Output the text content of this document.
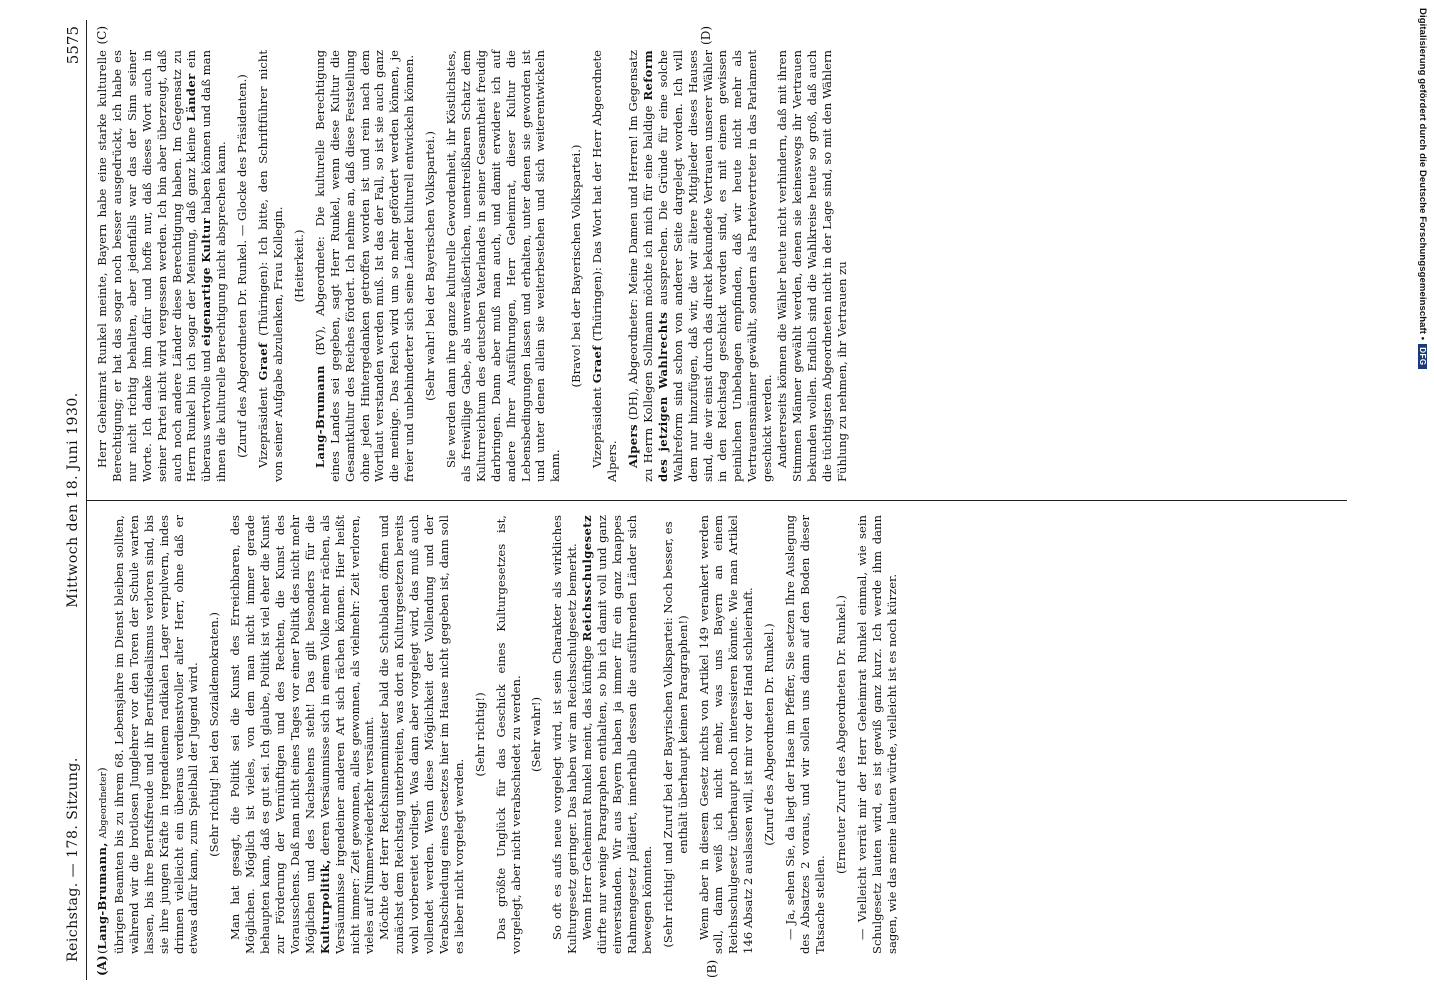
Reichstag. — 178. Sitzung.
Mittwoch den 18. Juni 1930.
5575
(A)	(B)

(Lang-Brumann, Abgeordneter) übrigen Beamten bis zu ihrem 68. Lebensjahre im Dienst bleiben sollten, während wir die brotlosen Junglehrer vor den Toren der Schule warten lassen, bis ihre Berufsfreude und ihr Berufsidealismus verloren sind, bis sie ihre jungen Kräfte in irgendeinem radikalen Lager verpulvern, indes drinnen vielleicht ein überaus verdienstvoller alter Herr, ohne daß er etwas dafür kann, zum Spielball der Jugend wird. (Sehr richtig! bei den Sozialdemokraten.) Man hat gesagt, die Politik sei die Kunst des Erreichbaren, des Möglichen. Möglich ist vieles, von dem man nicht immer gerade behaupten kann, daß es gut sei. Ich glaube, Politik ist viel eher die Kunst zur Förderung der Vernünftigen und des Rechten, die Kunst des Vorausschens. Daß man nicht eines Tages vor einer Politik des nicht mehr Möglichen und des Nachsehens steht! Das gilt besonders für die Kulturpolitik, deren Versäumnisse sich in einem Volke mehr rächen, als Versäumnisse irgendeiner anderen Art sich rächen können. Hier heißt nicht immer: Zeit gewonnen, alles gewonnen, als vielmehr: Zeit verloren, vieles auf Nimmerwiederkehr versäumt. Möchte der Herr Reichsinnenminister bald die Schubladen öffnen und zunächst dem Reichstag unterbreiten, was dort an Kulturgesetzen bereits wohl vorbereitet vorliegt. Was dann aber vorgelegt wird, das muß auch vollendet werden. Wenn diese Möglichkeit der Vollendung und der Verabschiedung eines Gesetzes hier im Hause nicht gegeben ist, dann soll es lieber nicht vorgelegt werden.

(Sehr richtig!) Das größte Unglück für das Geschick eines Kulturgesetzes ist, vorgelegt, aber nicht verabschiedet zu werden. (Sehr wahr!) So oft es aufs neue vorgelegt wird, ist sein Charakter als wirkliches Kulturgesetz geringer. Das haben wir am Reichsschulgesetz bemerkt. Wenn Herr Geheimrat Runkel meint, das künftige Reichsschulgesetz dürfte nur wenige Paragraphen enthalten, so bin ich damit voll und ganz einverstanden. Wir aus Bayern haben ja immer für ein ganz knappes Rahmengesetz plädiert, innerhalb dessen die ausführenden Länder sich bewegen könnten. (Sehr richtig! und Zuruf bei der Bayrischen Volkspartei: Noch besser, es enthält überhaupt keinen Paragraphen!) Wenn aber in diesem Gesetz nichts von Artikel 149 verankert werden soll, dann weiß ich nicht mehr, was uns Bayern an einem Reichsschulgesetz überhaupt noch interessieren könnte. Wie man Artikel 146 Absatz 2 auslassen will, ist mir vor der Hand schleierhaft. (Zuruf des Abgeordneten Dr. Runkel.) — Ja, sehen Sie, da liegt der Hase im Pfeffer, Sie setzen Ihre Auslegung des Absatzes 2 voraus, und wir sollen uns dann auf den Boden dieser Tatsache stellen.

(Erneuter Zuruf des Abgeordneten Dr. Runkel.) — Vielleicht verrät mir der Herr Geheimrat Runkel einmal, wie sein Schulgesetz lauten wird, es ist gewiß ganz kurz. Ich werde ihm dann sagen, wie das meine lauten würde, vielleicht ist es noch kürzer.

(C)	(D)

Herr Geheimrat Runkel meinte, Bayern habe eine starke kulturelle Berechtigung; er hat das sogar noch besser ausgedrückt, ich habe es nur nicht richtig behalten, aber jedenfalls war das der Sinn seiner Worte. Ich danke ihm dafür und hoffe nur, daß dieses Wort auch in seiner Partei nicht wird vergessen werden. Ich bin aber überzeugt, daß auch noch andere Länder diese Berechtigung haben. Im Gegensatz zu Herrn Runkel bin ich sogar der Meinung, daß ganz kleine Länder ein überaus wertvolle und eigenartige Kultur haben können und daß man ihnen die kulturelle Berechtigung nicht absprechen kann. (Zuruf des Abgeordneten Dr. Runkel. — Glocke des Präsidenten.) Vizepräsident Graef (Thüringen): Ich bitte, den Schriftführer nicht von seiner Aufgabe abzulenken, Frau Kollegin. (Heiterkeit.)

Lang-Brumann (BV), Abgeordnete: Die kulturelle Berechtigung eines Landes sei gegeben, sagt Herr Runkel, wenn diese Kultur die Gesamtkultur des Reiches fördert. Ich nehme an, daß diese Feststellung ohne jeden Hintergedanken getroffen worden ist und rein nach dem Wortlaut verstanden werden muß. Ist das der Fall, so ist sie auch ganz die meinige. Das Reich wird um so mehr gefördert werden können, je freier und unbehinderter sich seine Länder kulturell entwickeln können. (Sehr wahr! bei der Bayerischen Volkspartei.) Sie werden dann ihre ganze kulturelle Gewordenheit, ihr Köstlichstes, als freiwillige Gabe, als unveräußerlichen, unentreißbaren Schatz dem Kulturreichtum des deutschen Vaterlandes in seiner Gesamtheit freudig darbringen. Dann aber muß man auch, und damit erwidere ich auf andere Ihrer Ausführungen, Herr Geheimrat, dieser Kultur die Lebensbedingungen lassen und erhalten, unter denen sie geworden ist und unter denen allein sie weiterbestehen und sich weiterentwickeln kann.

(Bravo! bei der Bayerischen Volkspartei.)

Vizepräsident Graef (Thüringen): Das Wort hat der Herr Abgeordnete Alpers. Alpers (DH), Abgeordneter: Meine Damen und Herren! Im Gegensatz zu Herrn Kollegen Sollmann möchte ich mich für eine baldige Reform des jetzigen Wahlrechts aussprechen. Die Gründe für eine solche Wahlreform sind schon von anderer Seite dargelegt worden. Ich will dem nur hinzufügen, daß wir, die wir ältere Mitglieder dieses Hauses sind, die wir einst durch das direkt bekundete Vertrauen unserer Wähler in den Reichstag geschickt worden sind, es mit einem gewissen peinlichen Unbehagen empfinden, daß wir heute nicht mehr als Vertrauensmänner gewählt, sondern als Parteivertreter in das Parlament geschickt werden. Andererseits können die Wähler heute nicht verhindern, daß mit ihren Stimmen Männer gewählt werden, denen sie keineswegs ihr Vertrauen bekunden wollen. Endlich sind die Wahlkreise heute so groß, daß auch die tüchtigsten Abgeordneten nicht in der Lage sind, so mit den Wählern Fühlung zu nehmen, ihr Vertrauen zu

Digitalisierung gefördert durch die Deutsche Forschungsgemeinschaft •DFG
